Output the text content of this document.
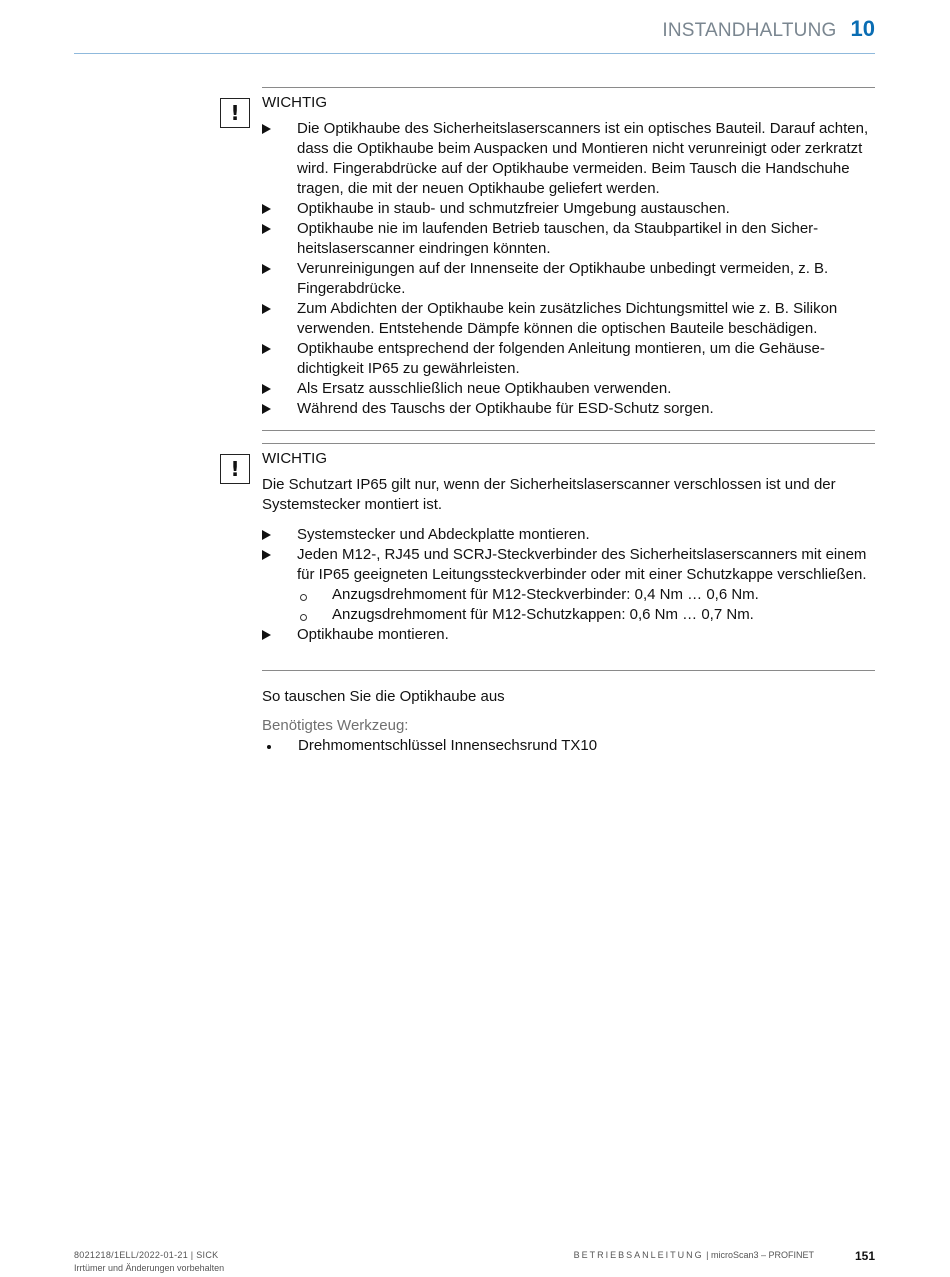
INSTANDHALTUNG 10
!	WICHTIG
Die Optikhaube des Sicherheitslaserscanners ist ein optisches Bauteil. Darauf achten, dass die Optikhaube beim Auspacken und Montieren nicht verunreinigt oder zerkratzt wird. Fingerabdrücke auf der Optikhaube vermeiden. Beim Tausch die Handschuhe tragen, die mit der neuen Optikhaube geliefert werden.
Optikhaube in staub- und schmutzfreier Umgebung austauschen.
Optikhaube nie im laufenden Betrieb tauschen, da Staubpartikel in den Sicherheitslaserscanner eindringen könnten.
Verunreinigungen auf der Innenseite der Optikhaube unbedingt vermeiden, z. B. Fingerabdrücke.
Zum Abdichten der Optikhaube kein zusätzliches Dichtungsmittel wie z. B. Silikon verwenden. Entstehende Dämpfe können die optischen Bauteile beschädigen.
Optikhaube entsprechend der folgenden Anleitung montieren, um die Gehäusedichtigkeit IP65 zu gewährleisten.
Als Ersatz ausschließlich neue Optikhauben verwenden.
Während des Tauschs der Optikhaube für ESD-Schutz sorgen.
!	WICHTIG

Die Schutzart IP65 gilt nur, wenn der Sicherheitslaserscanner verschlossen ist und der Systemstecker montiert ist.

Systemstecker und Abdeckplatte montieren.
Jeden M12-, RJ45 und SCRJ-Steckverbinder des Sicherheitslaserscanners mit einem für IP65 geeigneten Leitungssteckverbinder oder mit einer Schutzkappe verschließen.
Anzugsdrehmoment für M12-Steckverbinder: 0,4 Nm … 0,6 Nm.
Anzugsdrehmoment für M12-Schutzkappen: 0,6 Nm … 0,7 Nm.
Optikhaube montieren.
So tauschen Sie die Optikhaube aus
Benötigtes Werkzeug:
Drehmomentschlüssel Innensechsrund TX10
8021218/1ELL/2022-01-21 | SICK
Irrtümer und Änderungen vorbehalten
BETRIEBSANLEITUNG | microScan3 – PROFINET	151
